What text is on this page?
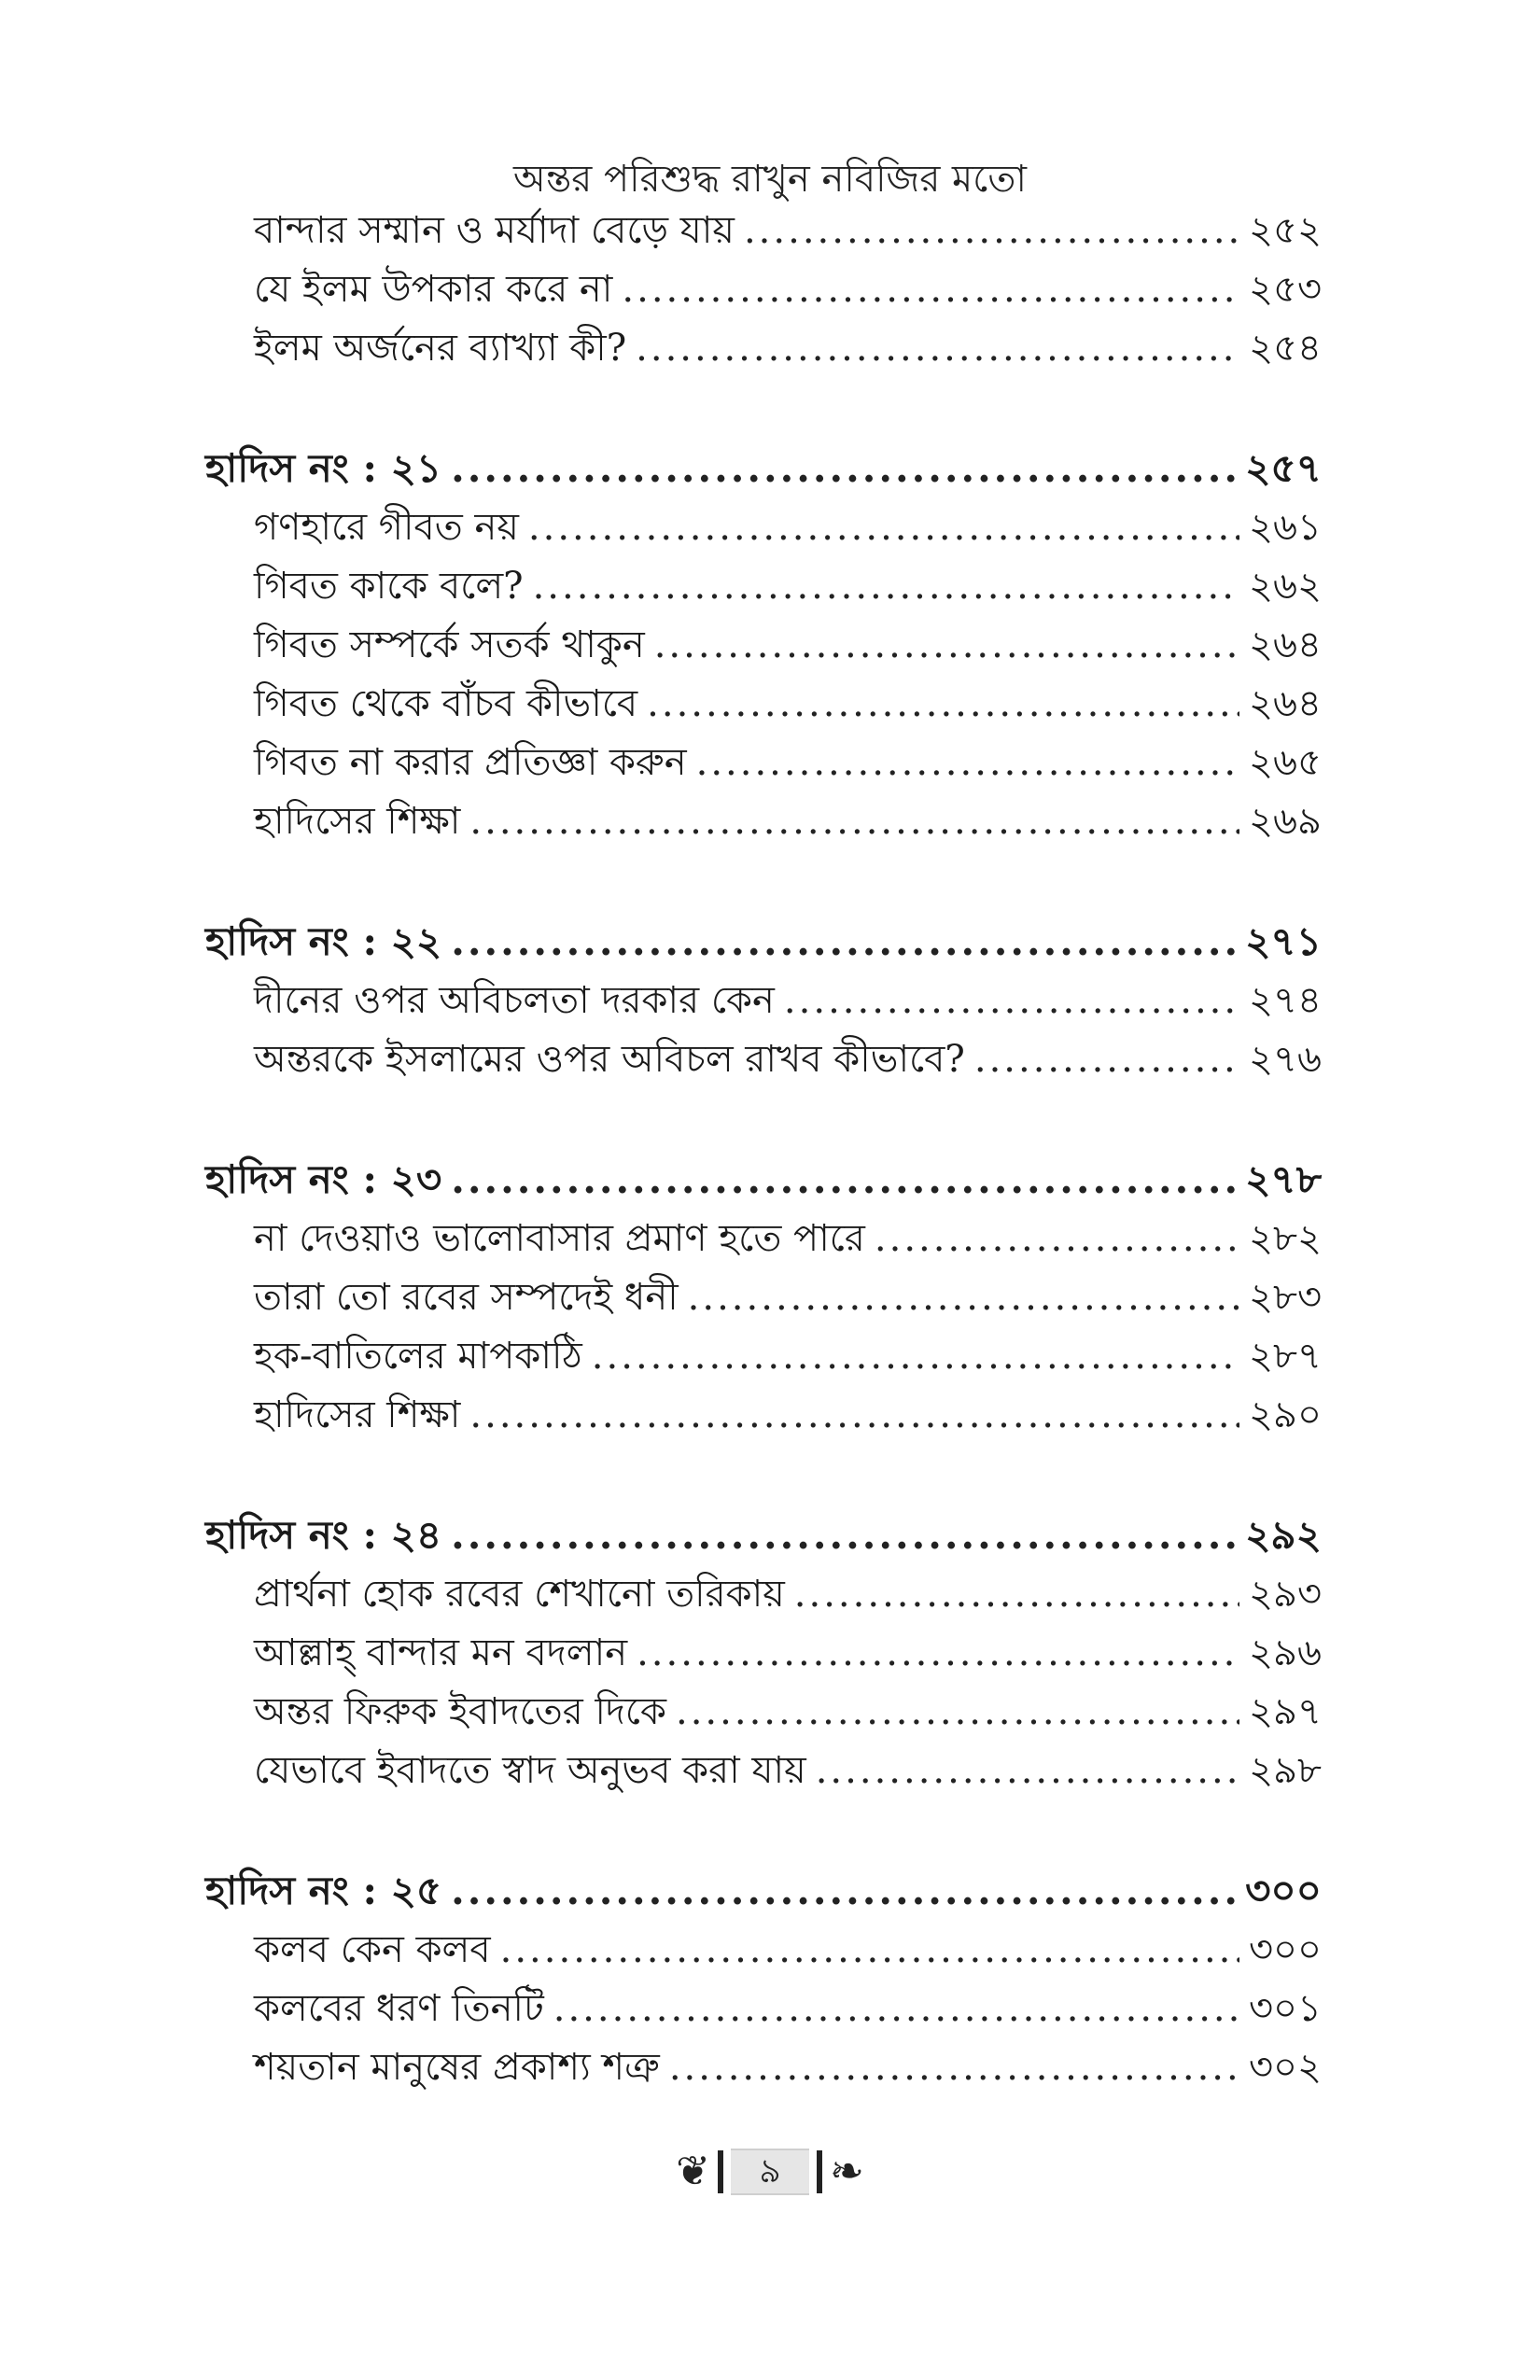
অন্তর পরিশুদ্ধ রাখুন নবিজির মতো
বান্দার সম্মান ও মর্যাদা বেড়ে যায় .....	২৫২
যে ইলম উপকার করে না .....	২৫৩
ইলম অর্জনের ব্যাখ্যা কী? .....	২৫৪
হাদিস নং : ২১ .....	২৫৭
গণহারে গীবত নয় .....	২৬১
গিবত কাকে বলে? .....	২৬২
গিবত সম্পর্কে সতর্ক থাকুন .....	২৬৪
গিবত থেকে বাঁচব কীভাবে .....	২৬৪
গিবত না করার প্রতিজ্ঞা করুন .....	২৬৫
হাদিসের শিক্ষা .....	২৬৯
হাদিস নং : ২২ .....	২৭১
দীনের ওপর অবিচলতা দরকার কেন .....	২৭৪
অন্তরকে ইসলামের ওপর অবিচল রাখব কীভাবে? .....	২৭৬
হাদিস নং : ২৩ .....	২৭৮
না দেওয়াও ভালোবাসার প্রমাণ হতে পারে .....	২৮২
তারা তো রবের সম্পদেই ধনী .....	২৮৩
হক-বাতিলের মাপকাঠি .....	২৮৭
হাদিসের শিক্ষা .....	২৯০
হাদিস নং : ২৪ .....	২৯২
প্রার্থনা হোক রবের শেখানো তরিকায় .....	২৯৩
আল্লাহ্ বান্দার মন বদলান .....	২৯৬
অন্তর ফিরুক ইবাদতের দিকে .....	২৯৭
যেভাবে ইবাদতে স্বাদ অনুভব করা যায় .....	২৯৮
হাদিস নং : ২৫ .....	৩০০
কলব কেন কলব .....	৩০০
কলবের ধরণ তিনটি .....	৩০১
শয়তান মানুষের প্রকাশ্য শত্রু .....	৩০২
❦	৯	❧
